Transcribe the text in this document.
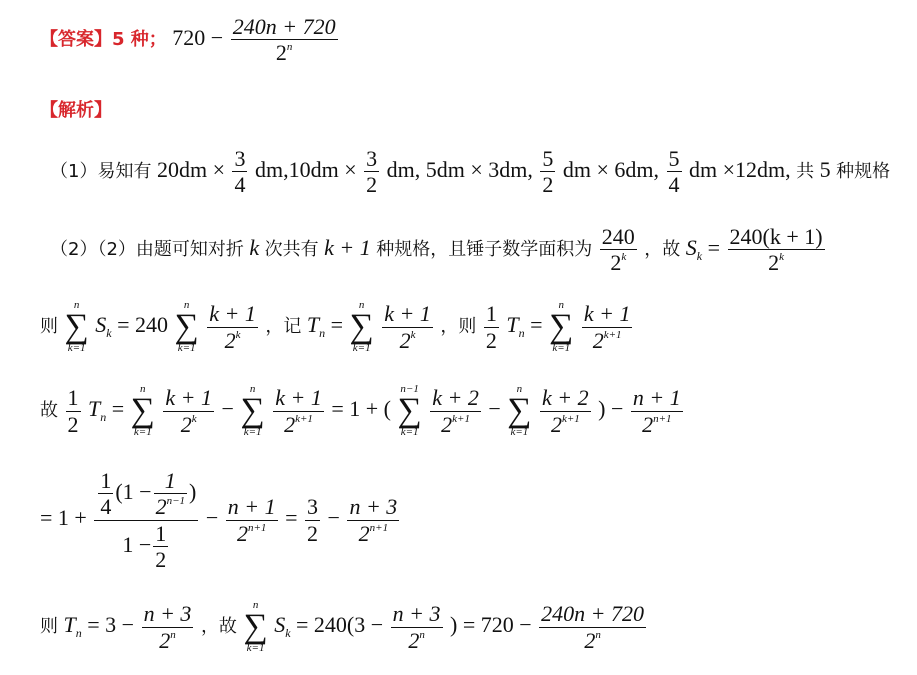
【答案】5 种； $720 - \frac{240n + 720}{2^n}$
【解析】
（1）易知有 $20dm \times \frac{3}{4} dm,10dm \times \frac{3}{2}$ dm, 5dm × 3dm, $\frac{5}{2}$ dm × 6dm, $\frac{5}{4}$ dm ×12dm, 共 5 种规格
（2）（2）由题可知对折 k 次共有 k + 1 种规格，且锤子数学面积为 $\frac{240}{2^k}$ ，故 $S_k = \frac{240(k + 1)}{2^k}$
则
n
∑
k=1
$S_k = 240$
n
∑
k=1
$\frac{k + 1}{2^k}$ ，记 $T_n$ =
n
∑
k=1
$\frac{k + 1}{2^k}$ ，则 $\frac{1}{2} T_n$ =
n
∑
k=1
$\frac{k + 1}{2^{k+1}}$
故 $\frac{1}{2} T_n$ =
n
∑
k=1
$\frac{k + 1}{2^k}$ −
n
∑
k=1
$\frac{k + 1}{2^{k+1}} = 1$ + (
n−1
∑
k=1
$\frac{k + 2}{2^{k+1}}$ −
n
∑
k=1
$\frac{k + 2}{2^{k+1}}$ ) − $\frac{n + 1}{2^{n+1}}$
= $1 + \frac{\frac{1}{4} (1 - \frac{1}{2^{n-1}} )}{1 - \frac{1}{2}} - \frac{n + 1}{2^{n+1}} = \frac{3}{2} - \frac{n + 3}{2^{n+1}}$
则 $T_n = 3 - \frac{n + 3}{2^n}$ ，故
n
∑
k=1
$S_k = 240(3 - \frac{n + 3}{2^n}$ ) = $720 - \frac{240n + 720}{2^n}$
